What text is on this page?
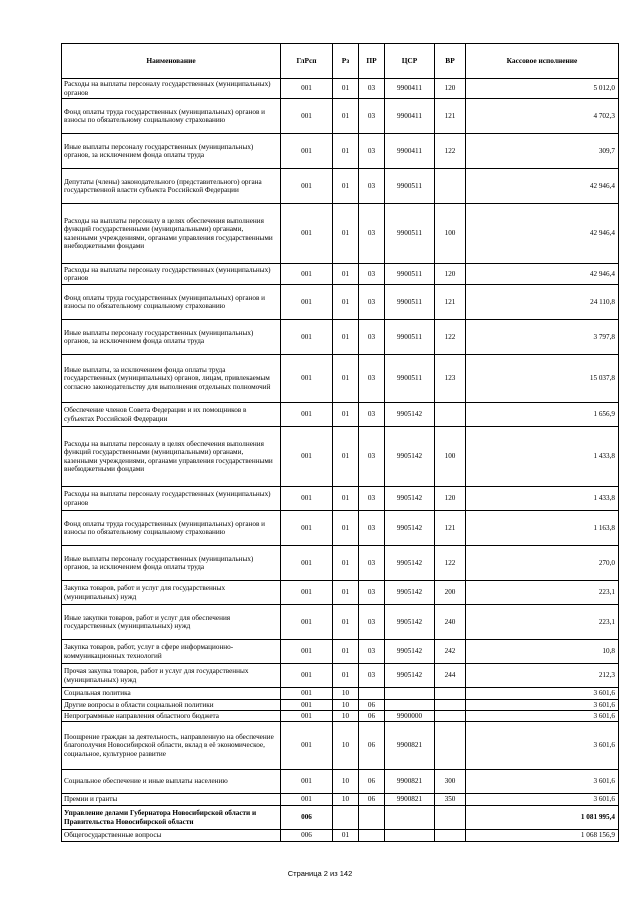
Наименование	ГлРсп	Рз	ПР	ЦСР	ВР	Кассовое исполнение
Расходы на выплаты персоналу государственных (муниципальных) органов	001	01	03	9900411	120	5 012,0
Фонд оплаты труда государственных (муниципальных) органов и взносы по обязательному социальному страхованию	001	01	03	9900411	121	4 702,3
Иные выплаты персоналу государственных (муниципальных) органов, за исключением фонда оплаты труда	001	01	03	9900411	122	309,7
Депутаты (члены) законодательного (представительного) органа государственной власти субъекта Российской Федерации	001	01	03	9900511		42 946,4
Расходы на выплаты персоналу в целях обеспечения выполнения функций государственными (муниципальными) органами, казенными учреждениями, органами управления государственными внебюджетными фондами	001	01	03	9900511	100	42 946,4
Расходы на выплаты персоналу государственных (муниципальных) органов	001	01	03	9900511	120	42 946,4
Фонд оплаты труда государственных (муниципальных) органов и взносы по обязательному социальному страхованию	001	01	03	9900511	121	24 110,8
Иные выплаты персоналу государственных (муниципальных) органов, за исключением фонда оплаты труда	001	01	03	9900511	122	3 797,8
Иные выплаты, за исключением фонда оплаты труда государственных (муниципальных) органов, лицам, привлекаемым согласно законодательству для выполнения отдельных полномочий	001	01	03	9900511	123	15 037,8
Обеспечение членов Совета Федерации и их помощников в субъектах Российской Федерации	001	01	03	9905142		1 656,9
Расходы на выплаты персоналу в целях обеспечения выполнения функций государственными (муниципальными) органами, казенными учреждениями, органами управления государственными внебюджетными фондами	001	01	03	9905142	100	1 433,8
Расходы на выплаты персоналу государственных (муниципальных) органов	001	01	03	9905142	120	1 433,8
Фонд оплаты труда государственных (муниципальных) органов и взносы по обязательному социальному страхованию	001	01	03	9905142	121	1 163,8
Иные выплаты персоналу государственных (муниципальных) органов, за исключением фонда оплаты труда	001	01	03	9905142	122	270,0
Закупка товаров, работ и услуг для государственных (муниципальных) нужд	001	01	03	9905142	200	223,1
Иные закупки товаров, работ и услуг для обеспечения государственных (муниципальных) нужд	001	01	03	9905142	240	223,1
Закупка товаров, работ, услуг в сфере информационно-коммуникационных технологий	001	01	03	9905142	242	10,8
Прочая закупка товаров, работ и услуг для государственных (муниципальных) нужд	001	01	03	9905142	244	212,3
Социальная политика	001	10				3 601,6
Другие вопросы в области социальной политики	001	10	06			3 601,6
Непрограммные направления областного бюджета	001	10	06	9900000		3 601,6
Поощрение граждан за деятельность, направленную на обеспечение благополучия Новосибирской области, вклад в её экономическое, социальное, культурное развитие	001	10	06	9900821		3 601,6
Социальное обеспечение и иные выплаты населению	001	10	06	9900821	300	3 601,6
Премии и гранты	001	10	06	9900821	350	3 601,6
Управление делами Губернатора Новосибирской области и Правительства Новосибирской области	006					1 081 995,4
Общегосударственные вопросы	006	01				1 068 156,9
Страница 2 из 142
